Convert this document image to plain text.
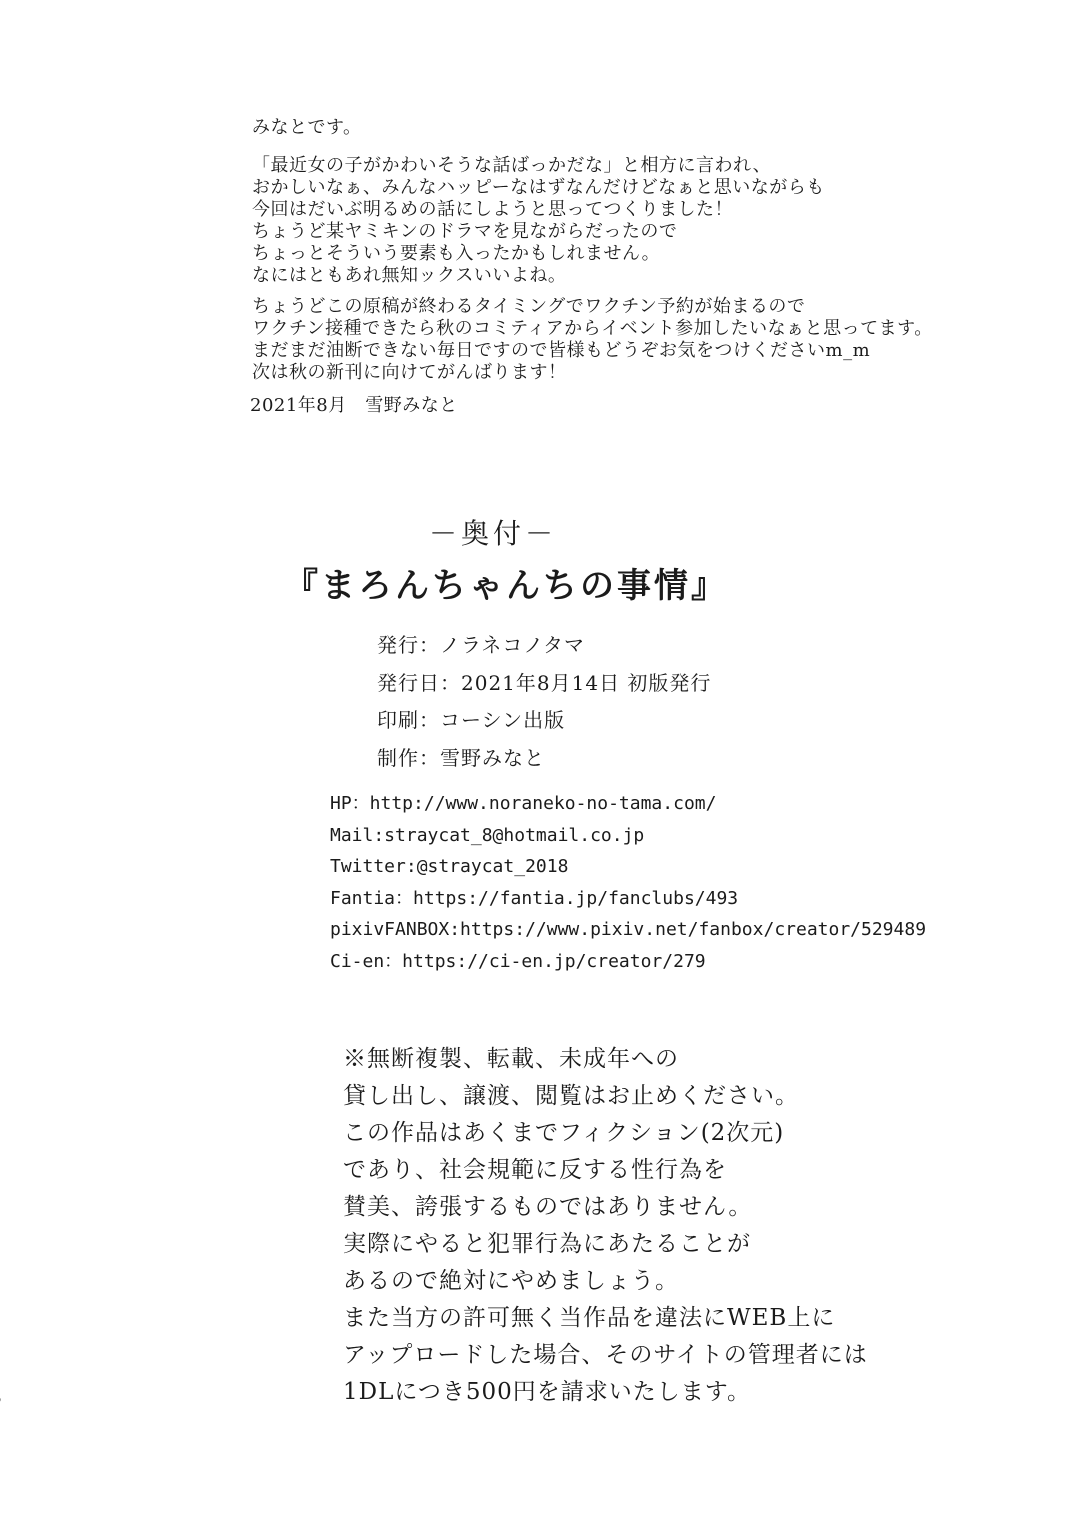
みなとです。
「最近女の子がかわいそうな話ばっかだな」と相方に言われ、
おかしいなぁ、みんなハッピーなはずなんだけどなぁと思いながらも
今回はだいぶ明るめの話にしようと思ってつくりました！
ちょうど某ヤミキンのドラマを見ながらだったので
ちょっとそういう要素も入ったかもしれません。
なにはともあれ無知ックスいいよね。
ちょうどこの原稿が終わるタイミングでワクチン予約が始まるので
ワクチン接種できたら秋のコミティアからイベント参加したいなぁと思ってます。
まだまだ油断できない毎日ですので皆様もどうぞお気をつけくださいm_m
次は秋の新刊に向けてがんばります！
2021年8月　雪野みなと
－奥付－
『まろんちゃんちの事情』
発行：ノラネコノタマ
発行日：2021年8月14日 初版発行
印刷：コーシン出版
制作：雪野みなと
HP：http://www.noraneko-no-tama.com/
Mail:straycat_8@hotmail.co.jp
Twitter:@straycat_2018
Fantia：https://fantia.jp/fanclubs/493
pixivFANBOX:https://www.pixiv.net/fanbox/creator/529489
Ci-en：https://ci-en.jp/creator/279
※無断複製、転載、未成年への
貸し出し、譲渡、閲覧はお止めください。
この作品はあくまでフィクション(2次元)
であり、社会規範に反する性行為を
賛美、誇張するものではありません。
実際にやると犯罪行為にあたることが
あるので絶対にやめましょう。
また当方の許可無く当作品を違法にWEB上に
アップロードした場合、そのサイトの管理者には
1DLにつき500円を請求いたします。
